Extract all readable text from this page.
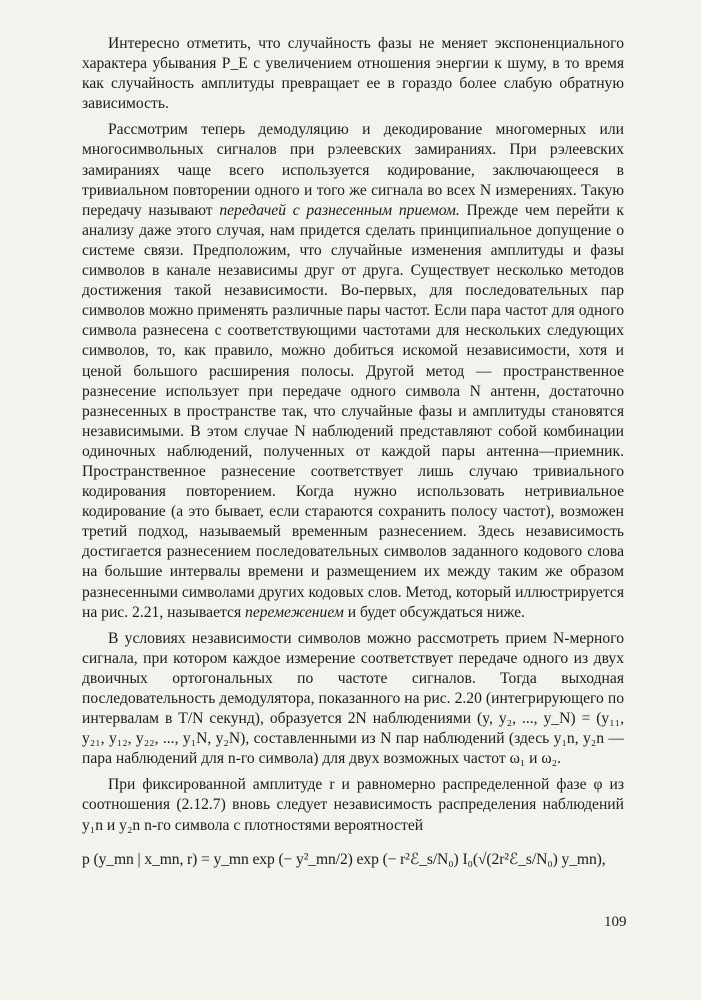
Интересно отметить, что случайность фазы не меняет экспоненциального характера убывания P_E с увеличением отношения энергии к шуму, в то время как случайность амплитуды превращает ее в гораздо более слабую обратную зависимость.

Рассмотрим теперь демодуляцию и декодирование многомерных или многосимвольных сигналов при рэлеевских замираниях. При рэлеевских замираниях чаще всего используется кодирование, заключающееся в тривиальном повторении одного и того же сигнала во всех N измерениях. Такую передачу называют передачей с разнесенным приемом. Прежде чем перейти к анализу даже этого случая, нам придется сделать принципиальное допущение о системе связи. Предположим, что случайные изменения амплитуды и фазы символов в канале независимы друг от друга. Существует несколько методов достижения такой независимости. Во-первых, для последовательных пар символов можно применять различные пары частот. Если пара частот для одного символа разнесена с соответствующими частотами для нескольких следующих символов, то, как правило, можно добиться искомой независимости, хотя и ценой большого расширения полосы. Другой метод — пространственное разнесение использует при передаче одного символа N антенн, достаточно разнесенных в пространстве так, что случайные фазы и амплитуды становятся независимыми. В этом случае N наблюдений представляют собой комбинации одиночных наблюдений, полученных от каждой пары антенна—приемник. Пространственное разнесение соответствует лишь случаю тривиального кодирования повторением. Когда нужно использовать нетривиальное кодирование (а это бывает, если стараются сохранить полосу частот), возможен третий подход, называемый временным разнесением. Здесь независимость достигается разнесением последовательных символов заданного кодового слова на большие интервалы времени и размещением их между таким же образом разнесенными символами других кодовых слов. Метод, который иллюстрируется на рис. 2.21, называется перемежением и будет обсуждаться ниже.

В условиях независимости символов можно рассмотреть прием N-мерного сигнала, при котором каждое измерение соответствует передаче одного из двух двоичных ортогональных по частоте сигналов. Тогда выходная последовательность демодулятора, показанного на рис. 2.20 (интегрирующего по интервалам в T/N секунд), образуется 2N наблюдениями (y, y₂, ..., y_N) = (y₁₁, y₂₁, y₁₂, y₂₂, ..., y₁N, y₂N), составленными из N пар наблюдений (здесь y₁n, y₂n — пара наблюдений для n-го символа) для двух возможных частот ω₁ и ω₂.

При фиксированной амплитуде r и равномерно распределенной фазе φ из соотношения (2.12.7) вновь следует независимость распределения наблюдений y₁n и y₂n n-го символа с плотностями вероятностей

p (y_mn | x_mn, r) = y_mn exp (− y²_mn/2) exp (− r²ℰ_s/N₀) I₀(√(2r²ℰ_s/N₀) y_mn),
109
